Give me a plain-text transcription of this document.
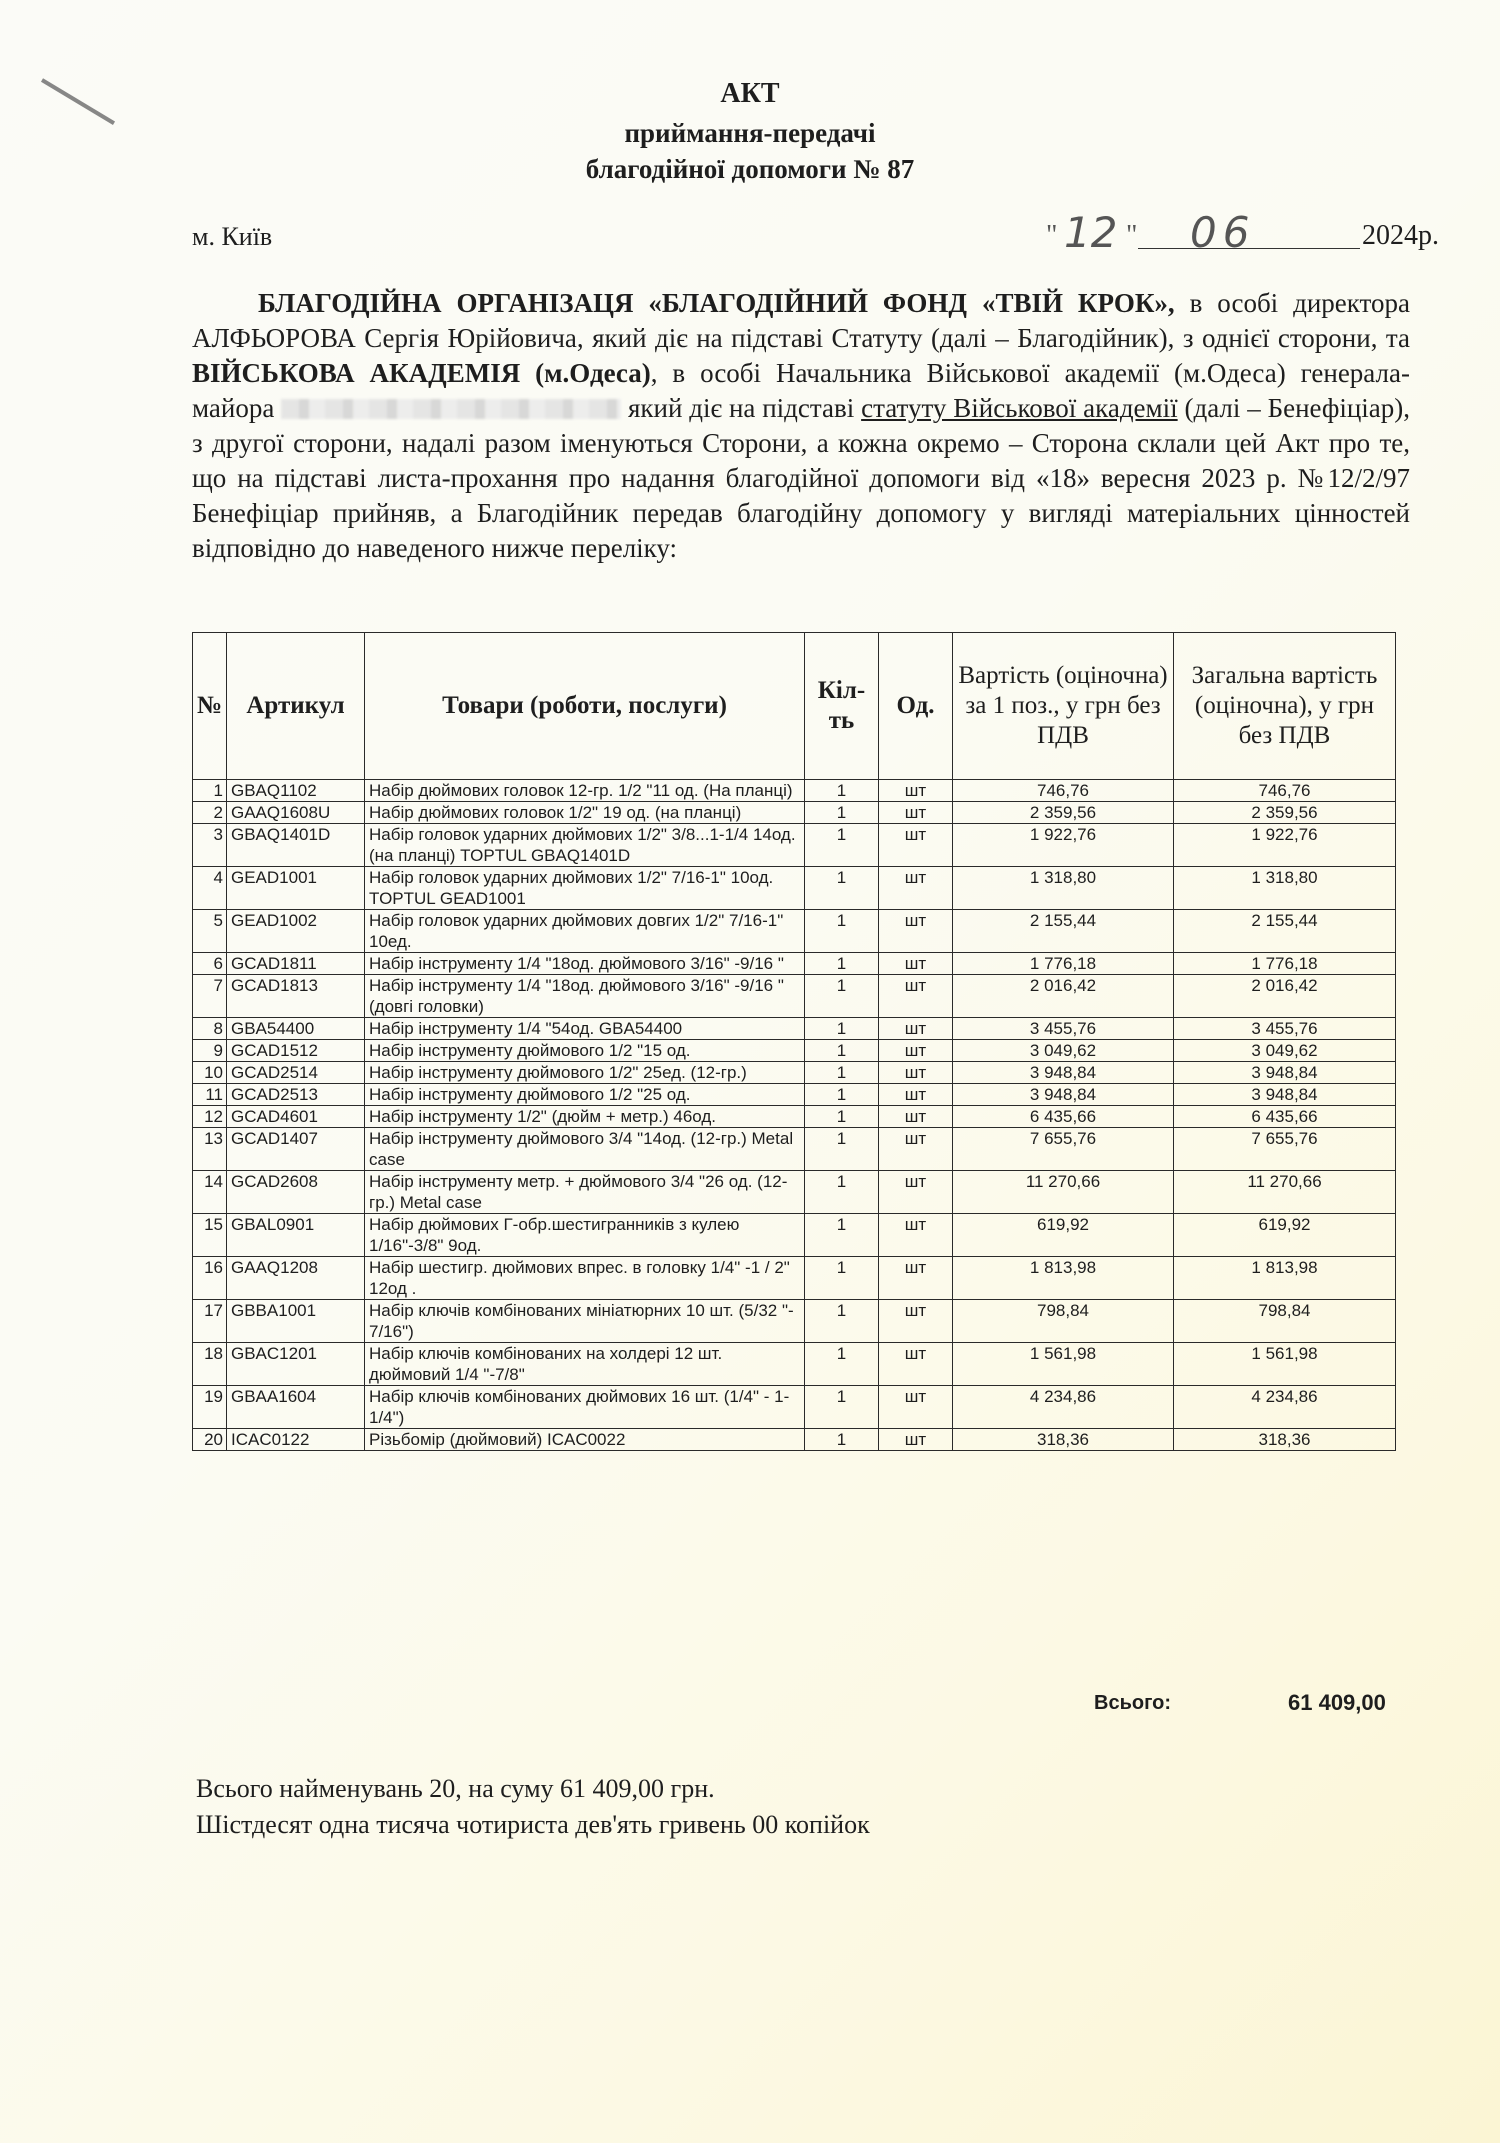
АКТ
приймання-передачі
благодійної допомоги № 87
м. Київ	" 12 " 06	2024р.
БЛАГОДІЙНА ОРГАНІЗАЦЯ «БЛАГОДІЙНИЙ ФОНД «ТВІЙ КРОК», в особі директора АЛФЬОРОВА Сергія Юрійовича, який діє на підставі Статуту (далі – Благодійник), з однієї сторони, та ВІЙСЬКОВА АКАДЕМІЯ (м.Одеса), в особі Начальника Військової академії (м.Одеса) генерала-майора	який діє на підставі статуту Військової академії (далі – Бенефіціар), з другої сторони, надалі разом іменуються Сторони, а кожна окремо – Сторона склали цей Акт про те, що на підставі листа-прохання про надання благодійної допомоги від «18» вересня 2023 р. №12/2/97 Бенефіціар прийняв, а Благодійник передав благодійну допомогу у вигляді матеріальних цінностей відповідно до наведеного нижче переліку:
№	Артикул	Товари (роботи, послуги)	Кіл-ть	Од.	Вартість (оціночна) за 1 поз., у грн без ПДВ	Загальна вартість (оціночна), у грн без ПДВ
1	GBAQ1102	Набір дюймових головок 12-гр. 1/2 "11 од. (На планці)	1	шт	746,76	746,76
2	GAAQ1608U	Набір дюймових головок 1/2" 19 од. (на планці)	1	шт	2 359,56	2 359,56
3	GBAQ1401D	Набір головок ударних дюймових 1/2" 3/8...1-1/4 14од. (на планці) TOPTUL GBAQ1401D	1	шт	1 922,76	1 922,76
4	GEAD1001	Набір головок ударних дюймових 1/2" 7/16-1" 10од. TOPTUL GEAD1001	1	шт	1 318,80	1 318,80
5	GEAD1002	Набір головок ударних дюймових довгих 1/2" 7/16-1" 10ед.	1	шт	2 155,44	2 155,44
6	GCAD1811	Набір інструменту 1/4 "18од. дюймового 3/16" -9/16 "	1	шт	1 776,18	1 776,18
7	GCAD1813	Набір інструменту 1/4 "18од. дюймового 3/16" -9/16 "(довгі головки)	1	шт	2 016,42	2 016,42
8	GBA54400	Набір інструменту 1/4 "54од. GBA54400	1	шт	3 455,76	3 455,76
9	GCAD1512	Набір інструменту дюймового 1/2 "15 од.	1	шт	3 049,62	3 049,62
10	GCAD2514	Набір інструменту дюймового 1/2" 25ед. (12-гр.)	1	шт	3 948,84	3 948,84
11	GCAD2513	Набір інструменту дюймового 1/2 "25 од.	1	шт	3 948,84	3 948,84
12	GCAD4601	Набір інструменту 1/2" (дюйм + метр.) 46од.	1	шт	6 435,66	6 435,66
13	GCAD1407	Набір інструменту дюймового 3/4 "14од. (12-гр.) Metal case	1	шт	7 655,76	7 655,76
14	GCAD2608	Набір інструменту метр. + дюймового 3/4 "26 од. (12-гр.) Metal case	1	шт	11 270,66	11 270,66
15	GBAL0901	Набір дюймових Г-обр.шестигранників з кулею 1/16"-3/8" 9од.	1	шт	619,92	619,92
16	GAAQ1208	Набір шестигр. дюймових впрес. в головку 1/4" -1 / 2" 12од .	1	шт	1 813,98	1 813,98
17	GBBA1001	Набір ключів комбінованих мініатюрних 10 шт. (5/32 "- 7/16")	1	шт	798,84	798,84
18	GBAC1201	Набір ключів комбінованих на холдері 12 шт. дюймовий 1/4 "-7/8"	1	шт	1 561,98	1 561,98
19	GBAA1604	Набір ключів комбінованих дюймових 16 шт. (1/4" - 1-1/4")	1	шт	4 234,86	4 234,86
20	ICAC0122	Різьбомір (дюймовий) ICAC0022	1	шт	318,36	318,36
Всього:	61 409,00
Всього найменувань 20, на суму 61 409,00 грн.
Шістдесят одна тисяча чотириста дев'ять гривень 00 копійок
